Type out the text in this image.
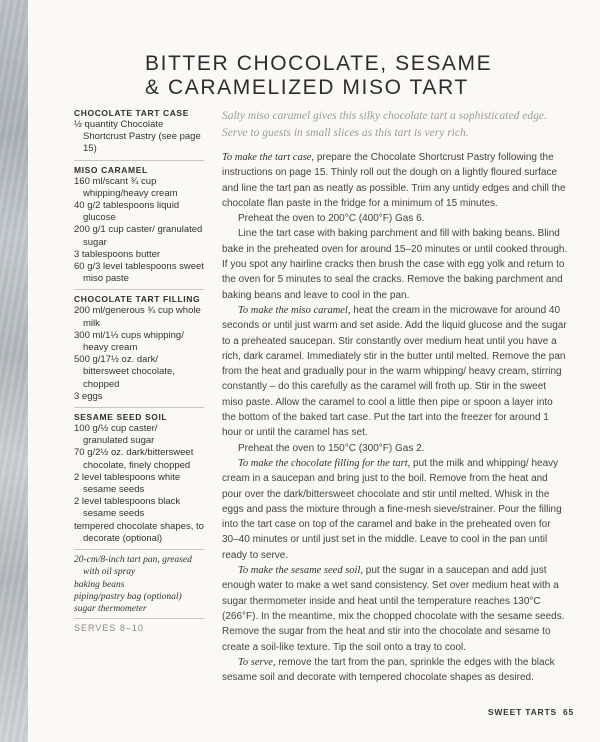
BITTER CHOCOLATE, SESAME
& CARAMELIZED MISO TART
CHOCOLATE TART CASE
½ quantity Chocolate Shortcrust Pastry (see page 15)
MISO CARAMEL
160 ml/scant ¾ cup whipping/heavy cream
40 g/2 tablespoons liquid glucose
200 g/1 cup caster/ granulated sugar
3 tablespoons butter
60 g/3 level tablespoons sweet miso paste
CHOCOLATE TART FILLING
200 ml/generous ¾ cup whole milk
300 ml/1⅓ cups whipping/ heavy cream
500 g/17½ oz. dark/ bittersweet chocolate, chopped
3 eggs
SESAME SEED SOIL
100 g/½ cup caster/ granulated sugar
70 g/2½ oz. dark/bittersweet chocolate, finely chopped
2 level tablespoons white sesame seeds
2 level tablespoons black sesame seeds
tempered chocolate shapes, to decorate (optional)
20-cm/8-inch tart pan, greased with oil spray
baking beans
piping/pastry bag (optional)
sugar thermometer
SERVES 8–10

Salty miso caramel gives this silky chocolate tart a sophisticated edge. Serve to guests in small slices as this tart is very rich.

To make the tart case, prepare the Chocolate Shortcrust Pastry following the instructions on page 15. Thinly roll out the dough on a lightly floured surface and line the tart pan as neatly as possible. Trim any untidy edges and chill the chocolate flan paste in the fridge for a minimum of 15 minutes.

Preheat the oven to 200°C (400°F) Gas 6.

Line the tart case with baking parchment and fill with baking beans. Blind bake in the preheated oven for around 15–20 minutes or until cooked through. If you spot any hairline cracks then brush the case with egg yolk and return to the oven for 5 minutes to seal the cracks. Remove the baking parchment and baking beans and leave to cool in the pan.

To make the miso caramel, heat the cream in the microwave for around 40 seconds or until just warm and set aside. Add the liquid glucose and the sugar to a preheated saucepan. Stir constantly over medium heat until you have a rich, dark caramel. Immediately stir in the butter until melted. Remove the pan from the heat and gradually pour in the warm whipping/ heavy cream, stirring constantly – do this carefully as the caramel will froth up. Stir in the sweet miso paste. Allow the caramel to cool a little then pipe or spoon a layer into the bottom of the baked tart case. Put the tart into the freezer for around 1 hour or until the caramel has set.

Preheat the oven to 150°C (300°F) Gas 2.

To make the chocolate filling for the tart, put the milk and whipping/ heavy cream in a saucepan and bring just to the boil. Remove from the heat and pour over the dark/bittersweet chocolate and stir until melted. Whisk in the eggs and pass the mixture through a fine-mesh sieve/strainer. Pour the filling into the tart case on top of the caramel and bake in the preheated oven for 30–40 minutes or until just set in the middle. Leave to cool in the pan until ready to serve.

To make the sesame seed soil, put the sugar in a saucepan and add just enough water to make a wet sand consistency. Set over medium heat with a sugar thermometer inside and heat until the temperature reaches 130°C (266°F). In the meantime, mix the chopped chocolate with the sesame seeds. Remove the sugar from the heat and stir into the chocolate and sesame to create a soil-like texture. Tip the soil onto a tray to cool.

To serve, remove the tart from the pan, sprinkle the edges with the black sesame soil and decorate with tempered chocolate shapes as desired.

SWEET TARTS 65
